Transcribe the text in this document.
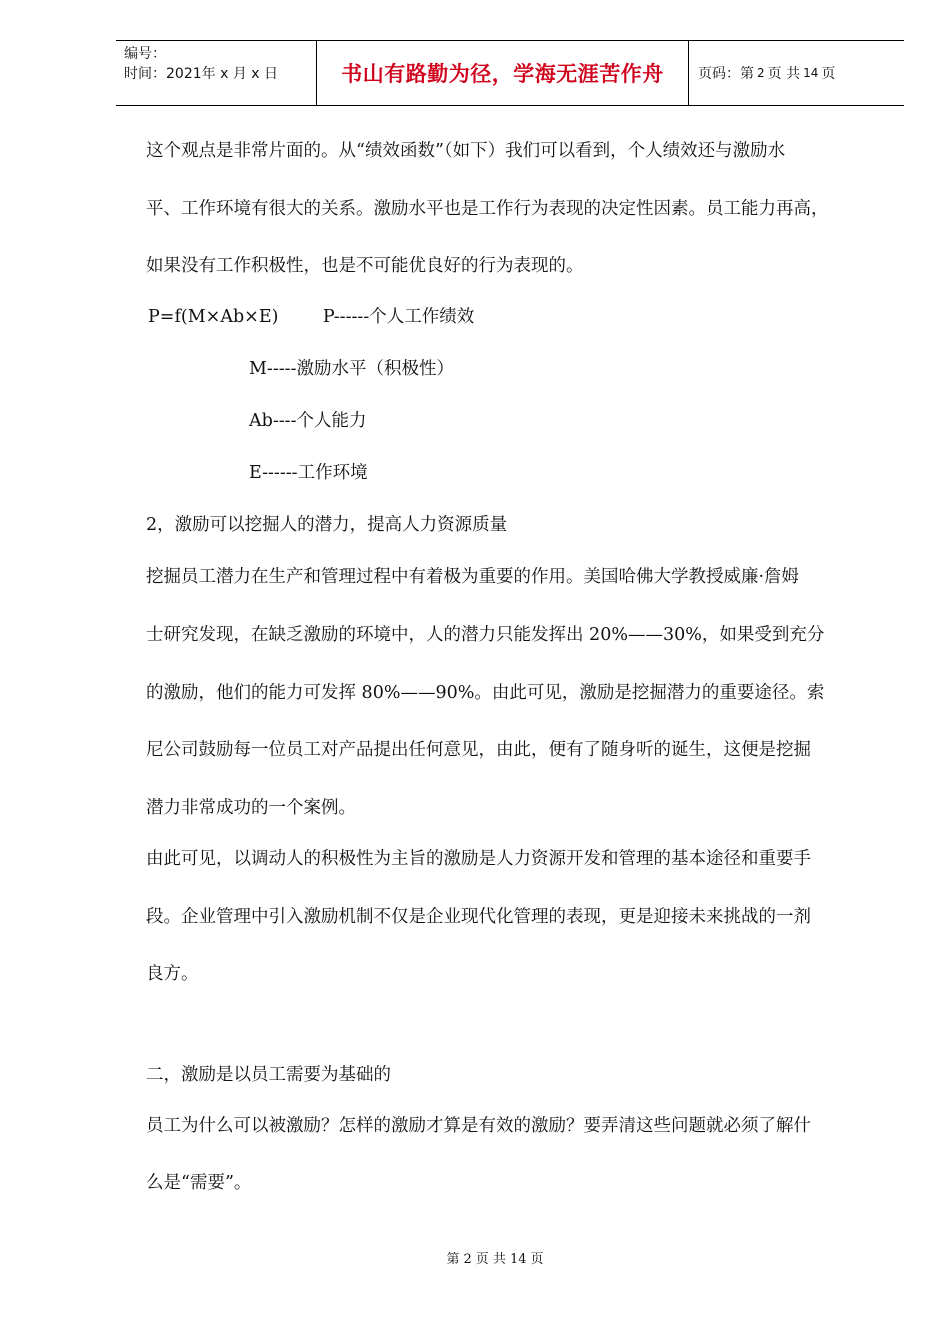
编号：
时间：2021年 x 月 x 日	书山有路勤为径，学海无涯苦作舟	页码：第 2 页 共 14 页
这个观点是非常片面的。从“绩效函数”（如下）我们可以看到，个人绩效还与激励水
平、工作环境有很大的关系。激励水平也是工作行为表现的决定性因素。员工能力再高，
如果没有工作积极性，也是不可能优良好的行为表现的。
P=f(M×Ab×E)        P------个人工作绩效
M-----激励水平（积极性）
Ab----个人能力
E------工作环境
2，激励可以挖掘人的潜力，提高人力资源质量
挖掘员工潜力在生产和管理过程中有着极为重要的作用。美国哈佛大学教授威廉·詹姆
士研究发现，在缺乏激励的环境中，人的潜力只能发挥出 20%——30%，如果受到充分
的激励，他们的能力可发挥 80%——90%。由此可见，激励是挖掘潜力的重要途径。索
尼公司鼓励每一位员工对产品提出任何意见，由此，便有了随身听的诞生，这便是挖掘
潜力非常成功的一个案例。
由此可见，以调动人的积极性为主旨的激励是人力资源开发和管理的基本途径和重要手
段。企业管理中引入激励机制不仅是企业现代化管理的表现，更是迎接未来挑战的一剂
良方。
二，激励是以员工需要为基础的
员工为什么可以被激励？怎样的激励才算是有效的激励？要弄清这些问题就必须了解什
么是“需要”。
第 2 页 共 14 页
